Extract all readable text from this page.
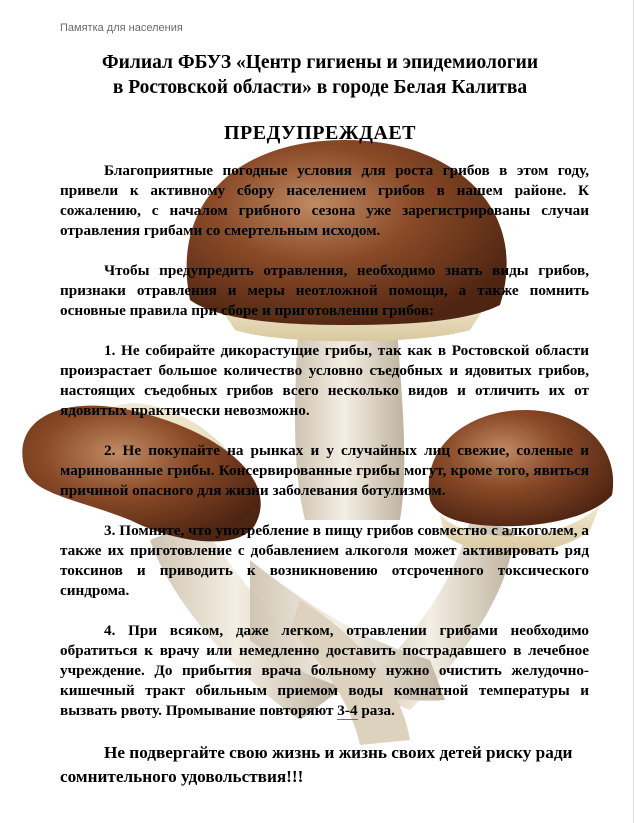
Памятка для населения
Филиал ФБУЗ «Центр гигиены и эпидемиологии
в Ростовской области» в городе Белая Калитва
ПРЕДУПРЕЖДАЕТ

Благоприятные погодные условия для роста грибов в этом году, привели к активному сбору населением грибов в нашем районе. К сожалению, с началом грибного сезона уже зарегистрированы случаи отравления грибами со смертельным исходом.

Чтобы предупредить отравления, необходимо знать виды грибов, признаки отравления и меры неотложной помощи, а также помнить основные правила при сборе и приготовлении грибов:

1. Не собирайте дикорастущие грибы, так как в Ростовской области произрастает большое количество условно съедобных и ядовитых грибов, настоящих съедобных грибов всего несколько видов и отличить их от ядовитых практически невозможно.

2. Не покупайте на рынках и у случайных лиц свежие, соленые и маринованные грибы. Консервированные грибы могут, кроме того, явиться причиной опасного для жизни заболевания ботулизмом.

3. Помните, что употребление в пищу грибов совместно с алкоголем, а также их приготовление с добавлением алкоголя может активировать ряд токсинов и приводить к возникновению отсроченного токсического синдрома.

4. При всяком, даже легком, отравлении грибами необходимо обратиться к врачу или немедленно доставить пострадавшего в лечебное учреждение. До прибытия врача больному нужно очистить желудочно-кишечный тракт обильным приемом воды комнатной температуры и вызвать рвоту. Промывание повторяют 3-4 раза.

Не подвергайте свою жизнь и жизнь своих детей риску ради сомнительного удовольствия!!!
